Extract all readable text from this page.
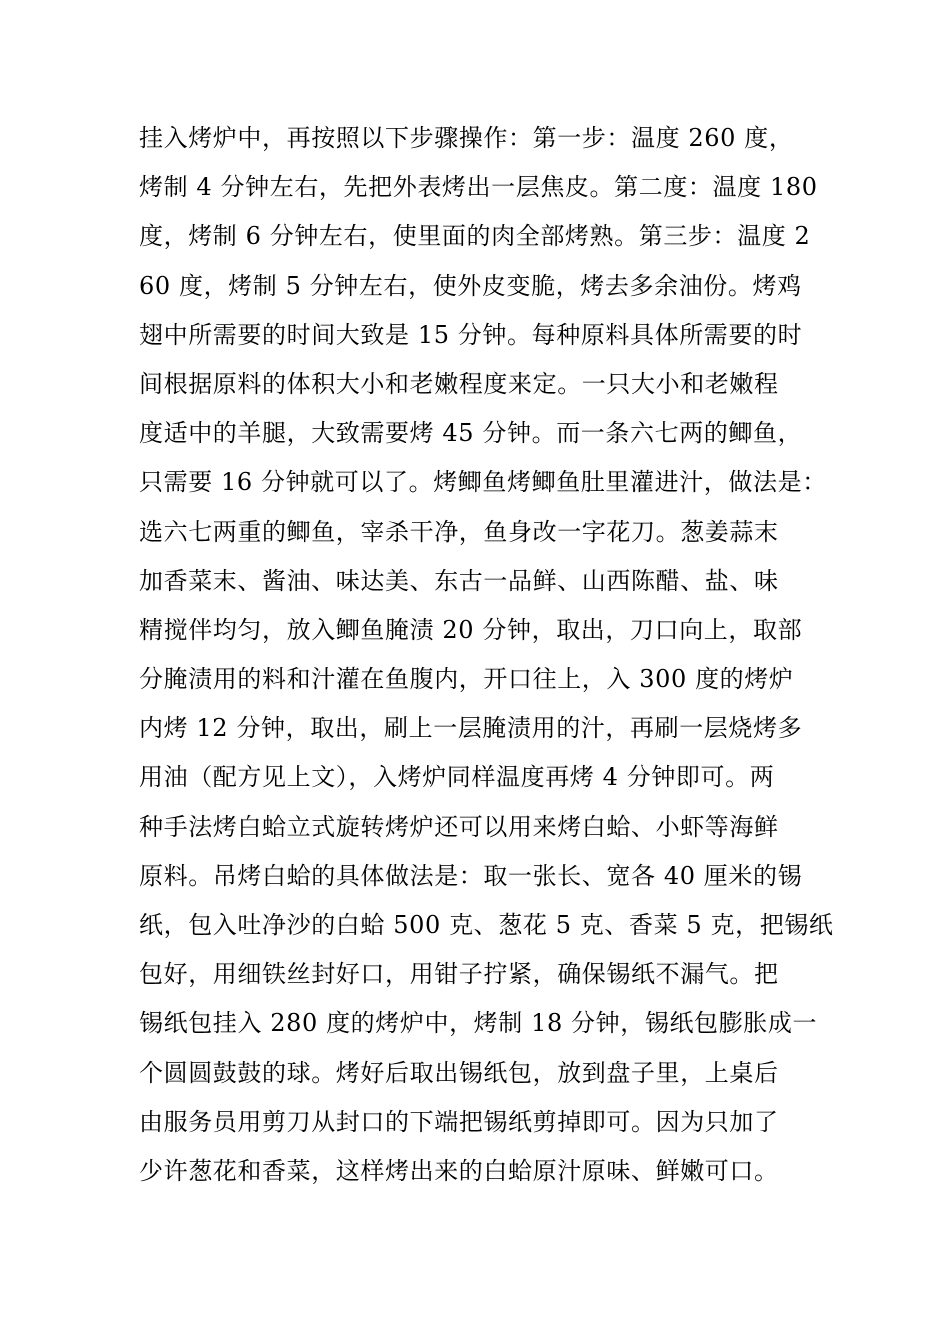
挂入烤炉中，再按照以下步骤操作：第一步：温度 260 度，
烤制 4 分钟左右，先把外表烤出一层焦皮。第二度：温度 180
度，烤制 6 分钟左右，使里面的肉全部烤熟。第三步：温度 2
60 度，烤制 5 分钟左右，使外皮变脆，烤去多余油份。烤鸡
翅中所需要的时间大致是 15 分钟。每种原料具体所需要的时
间根据原料的体积大小和老嫩程度来定。一只大小和老嫩程
度适中的羊腿，大致需要烤 45 分钟。而一条六七两的鲫鱼，
只需要 16 分钟就可以了。烤鲫鱼烤鲫鱼肚里灌进汁，做法是：
选六七两重的鲫鱼，宰杀干净，鱼身改一字花刀。葱姜蒜末
加香菜末、酱油、味达美、东古一品鲜、山西陈醋、盐、味
精搅伴均匀，放入鲫鱼腌渍 20 分钟，取出，刀口向上，取部
分腌渍用的料和汁灌在鱼腹内，开口往上，入 300 度的烤炉
内烤 12 分钟，取出，刷上一层腌渍用的汁，再刷一层烧烤多
用油（配方见上文），入烤炉同样温度再烤 4 分钟即可。两
种手法烤白蛤立式旋转烤炉还可以用来烤白蛤、小虾等海鲜
原料。吊烤白蛤的具体做法是：取一张长、宽各 40 厘米的锡
纸，包入吐净沙的白蛤 500 克、葱花 5 克、香菜 5 克，把锡纸
包好，用细铁丝封好口，用钳子拧紧，确保锡纸不漏气。把
锡纸包挂入 280 度的烤炉中，烤制 18 分钟，锡纸包膨胀成一
个圆圆鼓鼓的球。烤好后取出锡纸包，放到盘子里，上桌后
由服务员用剪刀从封口的下端把锡纸剪掉即可。因为只加了
少许葱花和香菜，这样烤出来的白蛤原汁原味、鲜嫩可口。
